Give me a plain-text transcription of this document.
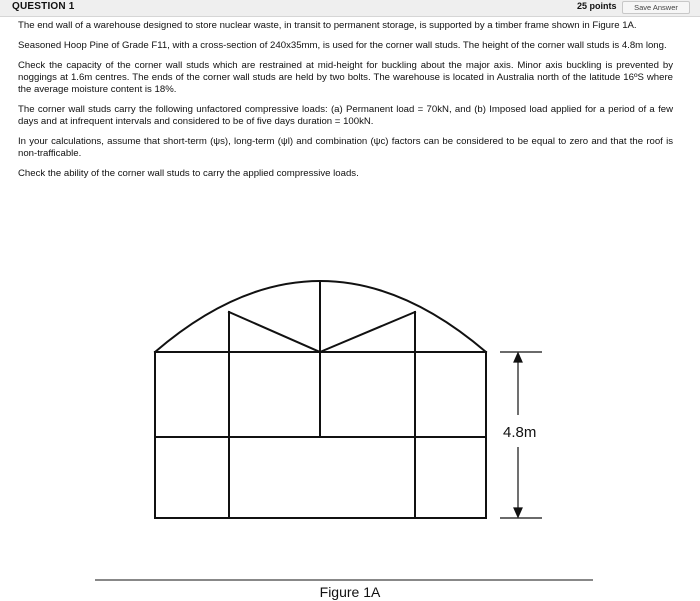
QUESTION 1	25 points	Save Answer

The end wall of a warehouse designed to store nuclear waste, in transit to permanent storage, is supported by a timber frame shown in Figure 1A.

Seasoned Hoop Pine of Grade F11, with a cross-section of 240x35mm, is used for the corner wall studs. The height of the corner wall studs is 4.8m long.

Check the capacity of the corner wall studs which are restrained at mid-height for buckling about the major axis. Minor axis buckling is prevented by noggings at 1.6m centres. The ends of the corner wall studs are held by two bolts. The warehouse is located in Australia north of the latitude 16ºS where the average moisture content is 18%.

The corner wall studs carry the following unfactored compressive loads: (a) Permanent load = 70kN, and (b) Imposed load applied for a period of a few days and at infrequent intervals and considered to be of five days duration = 100kN.

In your calculations, assume that short-term (ψs), long-term (ψl) and combination (ψc) factors can be considered to be equal to zero and that the roof is non-trafficable.

Check the ability of the corner wall studs to carry the applied compressive loads.

4.8m
Figure 1A
